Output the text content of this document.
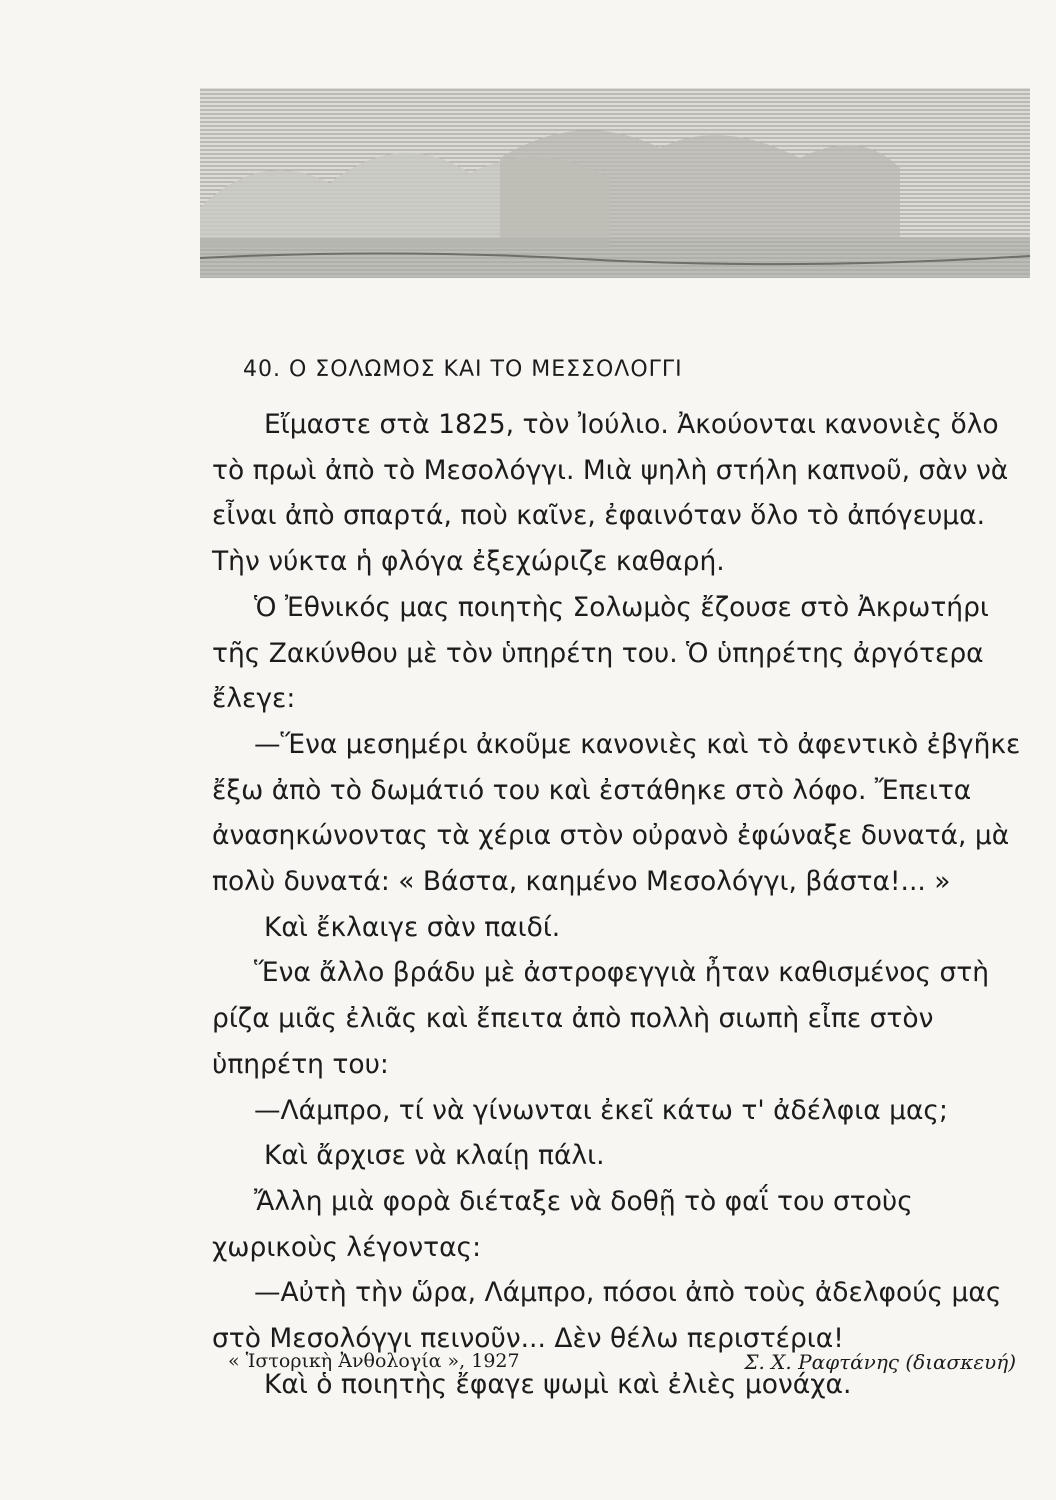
40. Ο ΣΟΛΩΜΟΣ ΚΑΙ ΤΟ ΜΕΣΣΟΛΟΓΓΙ

Εἴμαστε στὰ 1825, τὸν Ἰούλιο. Ἀκούονται κανονιὲς ὅλο τὸ πρωὶ ἀπὸ τὸ Μεσολόγγι. Μιὰ ψηλὴ στήλη καπνοῦ, σὰν νὰ εἶναι ἀπὸ σπαρτά, ποὺ καῖνε, ἐφαινόταν ὅλο τὸ ἀπόγευμα. Τὴν νύκτα ἡ φλόγα ἐξεχώριζε καθαρή.

Ὁ Ἐθνικός μας ποιητὴς Σολωμὸς ἔζουσε στὸ Ἀκρωτήρι τῆς Ζακύνθου μὲ τὸν ὑπηρέτη του. Ὁ ὑπηρέτης ἀργότερα ἔλεγε:

—Ἕνα μεσημέρι ἀκοῦμε κανονιὲς καὶ τὸ ἀφεντικὸ ἐβγῆκε ἔξω ἀπὸ τὸ δωμάτιό του καὶ ἐστάθηκε στὸ λόφο. Ἔπειτα ἀνασηκώνοντας τὰ χέρια στὸν οὐρανὸ ἐφώναξε δυνατά, μὰ πολὺ δυνατά: « Βάστα, καημένο Μεσολόγγι, βάστα!... »

Καὶ ἔκλαιγε σὰν παιδί.

Ἕνα ἄλλο βράδυ μὲ ἀστροφεγγιὰ ἦταν καθισμένος στὴ ρίζα μιᾶς ἐλιᾶς καὶ ἔπειτα ἀπὸ πολλὴ σιωπὴ εἶπε στὸν ὑπηρέτη του:

—Λάμπρο, τί νὰ γίνωνται ἐκεῖ κάτω τ' ἀδέλφια μας;

Καὶ ἄρχισε νὰ κλαίῃ πάλι.

Ἄλλη μιὰ φορὰ διέταξε νὰ δοθῇ τὸ φαΐ του στοὺς χωρικοὺς λέγοντας:

—Αὐτὴ τὴν ὥρα, Λάμπρο, πόσοι ἀπὸ τοὺς ἀδελφούς μας στὸ Μεσολόγγι πεινοῦν... Δὲν θέλω περιστέρια!

Καὶ ὁ ποιητὴς ἔφαγε ψωμὶ καὶ ἐλιὲς μονάχα.

« Ἱστορικὴ Ἀνθολογία », 1927	Σ. Χ. Ραφτάνης (διασκευή)
